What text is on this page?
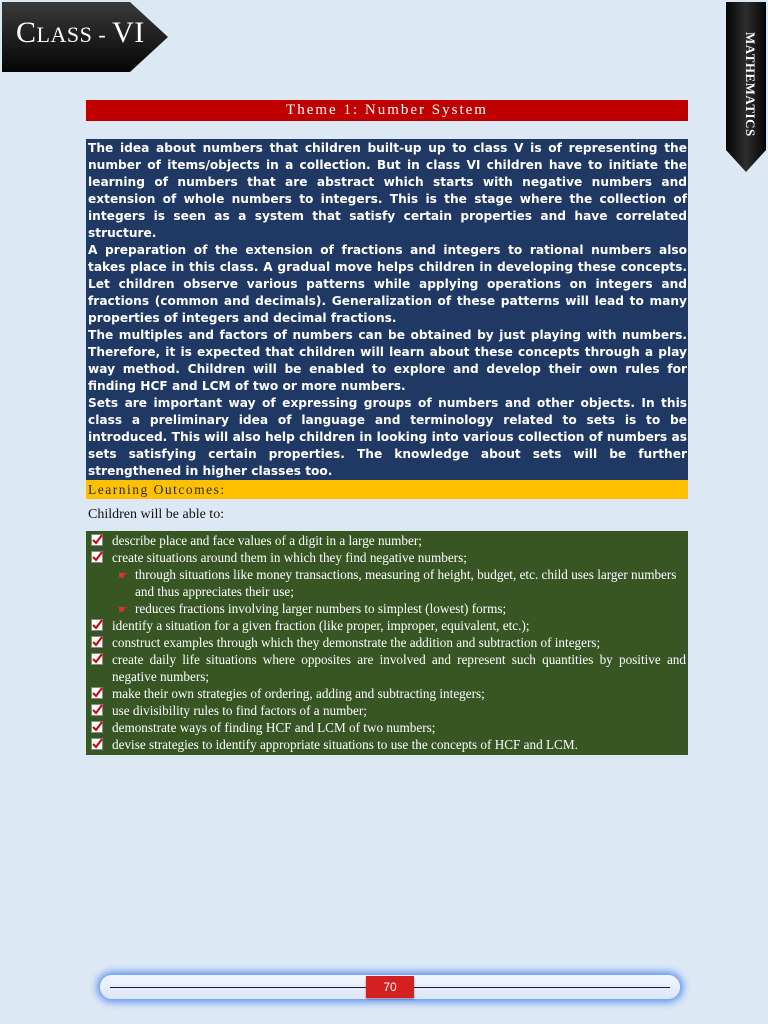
CLASS - VI	MATHEMATICS
Theme 1: Number System

The idea about numbers that children built-up up to class V is of representing the number of items/objects in a collection. But in class VI children have to initiate the learning of numbers that are abstract which starts with negative numbers and extension of whole numbers to integers. This is the stage where the collection of integers is seen as a system that satisfy certain properties and have correlated structure.

A preparation of the extension of fractions and integers to rational numbers also takes place in this class. A gradual move helps children in developing these concepts. Let children observe various patterns while applying operations on integers and fractions (common and decimals). Generalization of these patterns will lead to many properties of integers and decimal fractions.

The multiples and factors of numbers can be obtained by just playing with numbers. Therefore, it is expected that children will learn about these concepts through a play way method. Children will be enabled to explore and develop their own rules for finding HCF and LCM of two or more numbers.

Sets are important way of expressing groups of numbers and other objects. In this class a preliminary idea of language and terminology related to sets is to be introduced. This will also help children in looking into various collection of numbers as sets satisfying certain properties. The knowledge about sets will be further strengthened in higher classes too.

Learning Outcomes:
Children will be able to:
describe place and face values of a digit in a large number;
create situations around them in which they find negative numbers;
☛ through situations like money transactions, measuring of height, budget, etc. child uses larger numbers and thus appreciates their use;
☛ reduces fractions involving larger numbers to simplest (lowest) forms;
identify a situation for a given fraction (like proper, improper, equivalent, etc.);
construct examples through which they demonstrate the addition and subtraction of integers;
create daily life situations where opposites are involved and represent such quantities by positive and negative numbers;
make their own strategies of ordering, adding and subtracting integers;
use divisibility rules to find factors of a number;
demonstrate ways of finding HCF and LCM of two numbers;
devise strategies to identify appropriate situations to use the concepts of HCF and LCM.
70
